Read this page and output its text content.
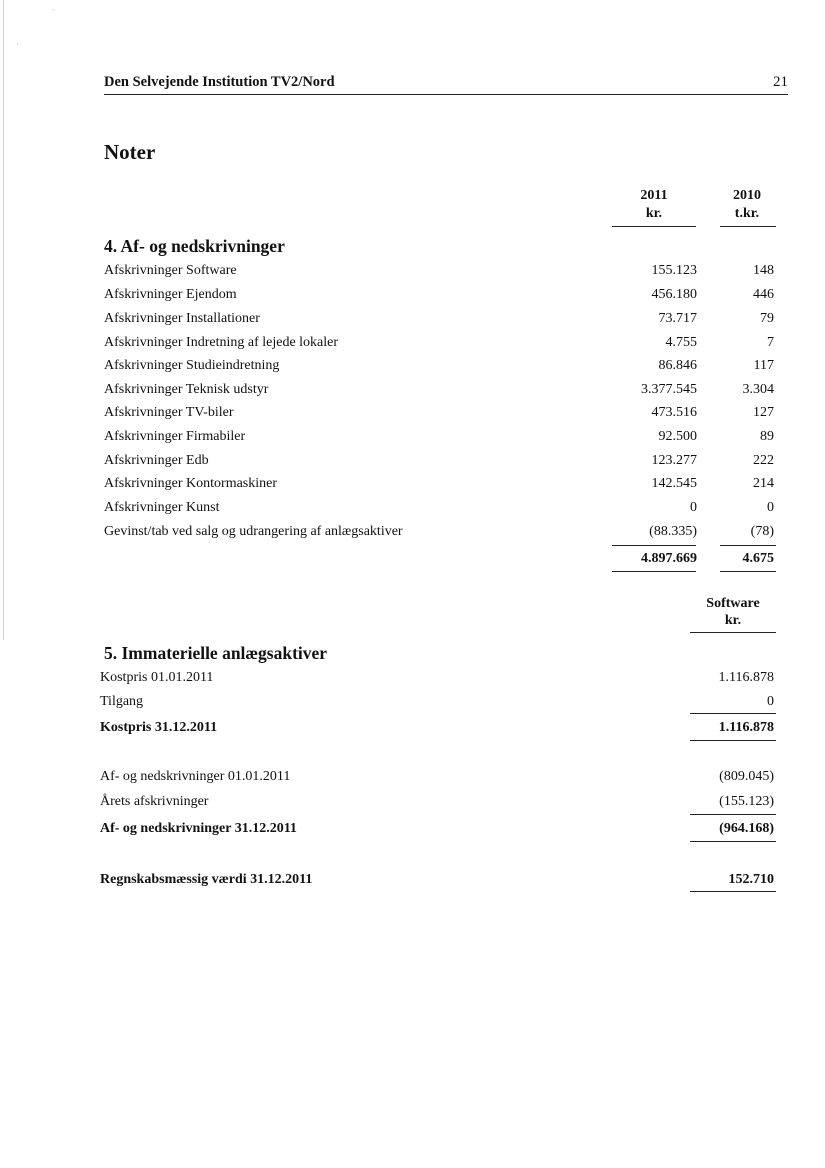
`
·
Den Selvejende Institution TV2/Nord	21
Noter
2011
kr.
2010
t.kr.
4. Af- og nedskrivninger
Afskrivninger Software	155.123	148
Afskrivninger Ejendom	456.180	446
Afskrivninger Installationer	73.717	79
Afskrivninger Indretning af lejede lokaler	4.755	7
Afskrivninger Studieindretning	86.846	117
Afskrivninger Teknisk udstyr	3.377.545	3.304
Afskrivninger TV-biler	473.516	127
Afskrivninger Firmabiler	92.500	89
Afskrivninger Edb	123.277	222
Afskrivninger Kontormaskiner	142.545	214
Afskrivninger Kunst	0	0
Gevinst/tab ved salg og udrangering af anlægsaktiver	(88.335)	(78)
4.897.669	4.675
Software
kr.
5. Immaterielle anlægsaktiver
Kostpris 01.01.2011	1.116.878
Tilgang	0
Kostpris 31.12.2011	1.116.878
Af- og nedskrivninger 01.01.2011	(809.045)
Årets afskrivninger	(155.123)
Af- og nedskrivninger 31.12.2011	(964.168)
Regnskabsmæssig værdi 31.12.2011	152.710
